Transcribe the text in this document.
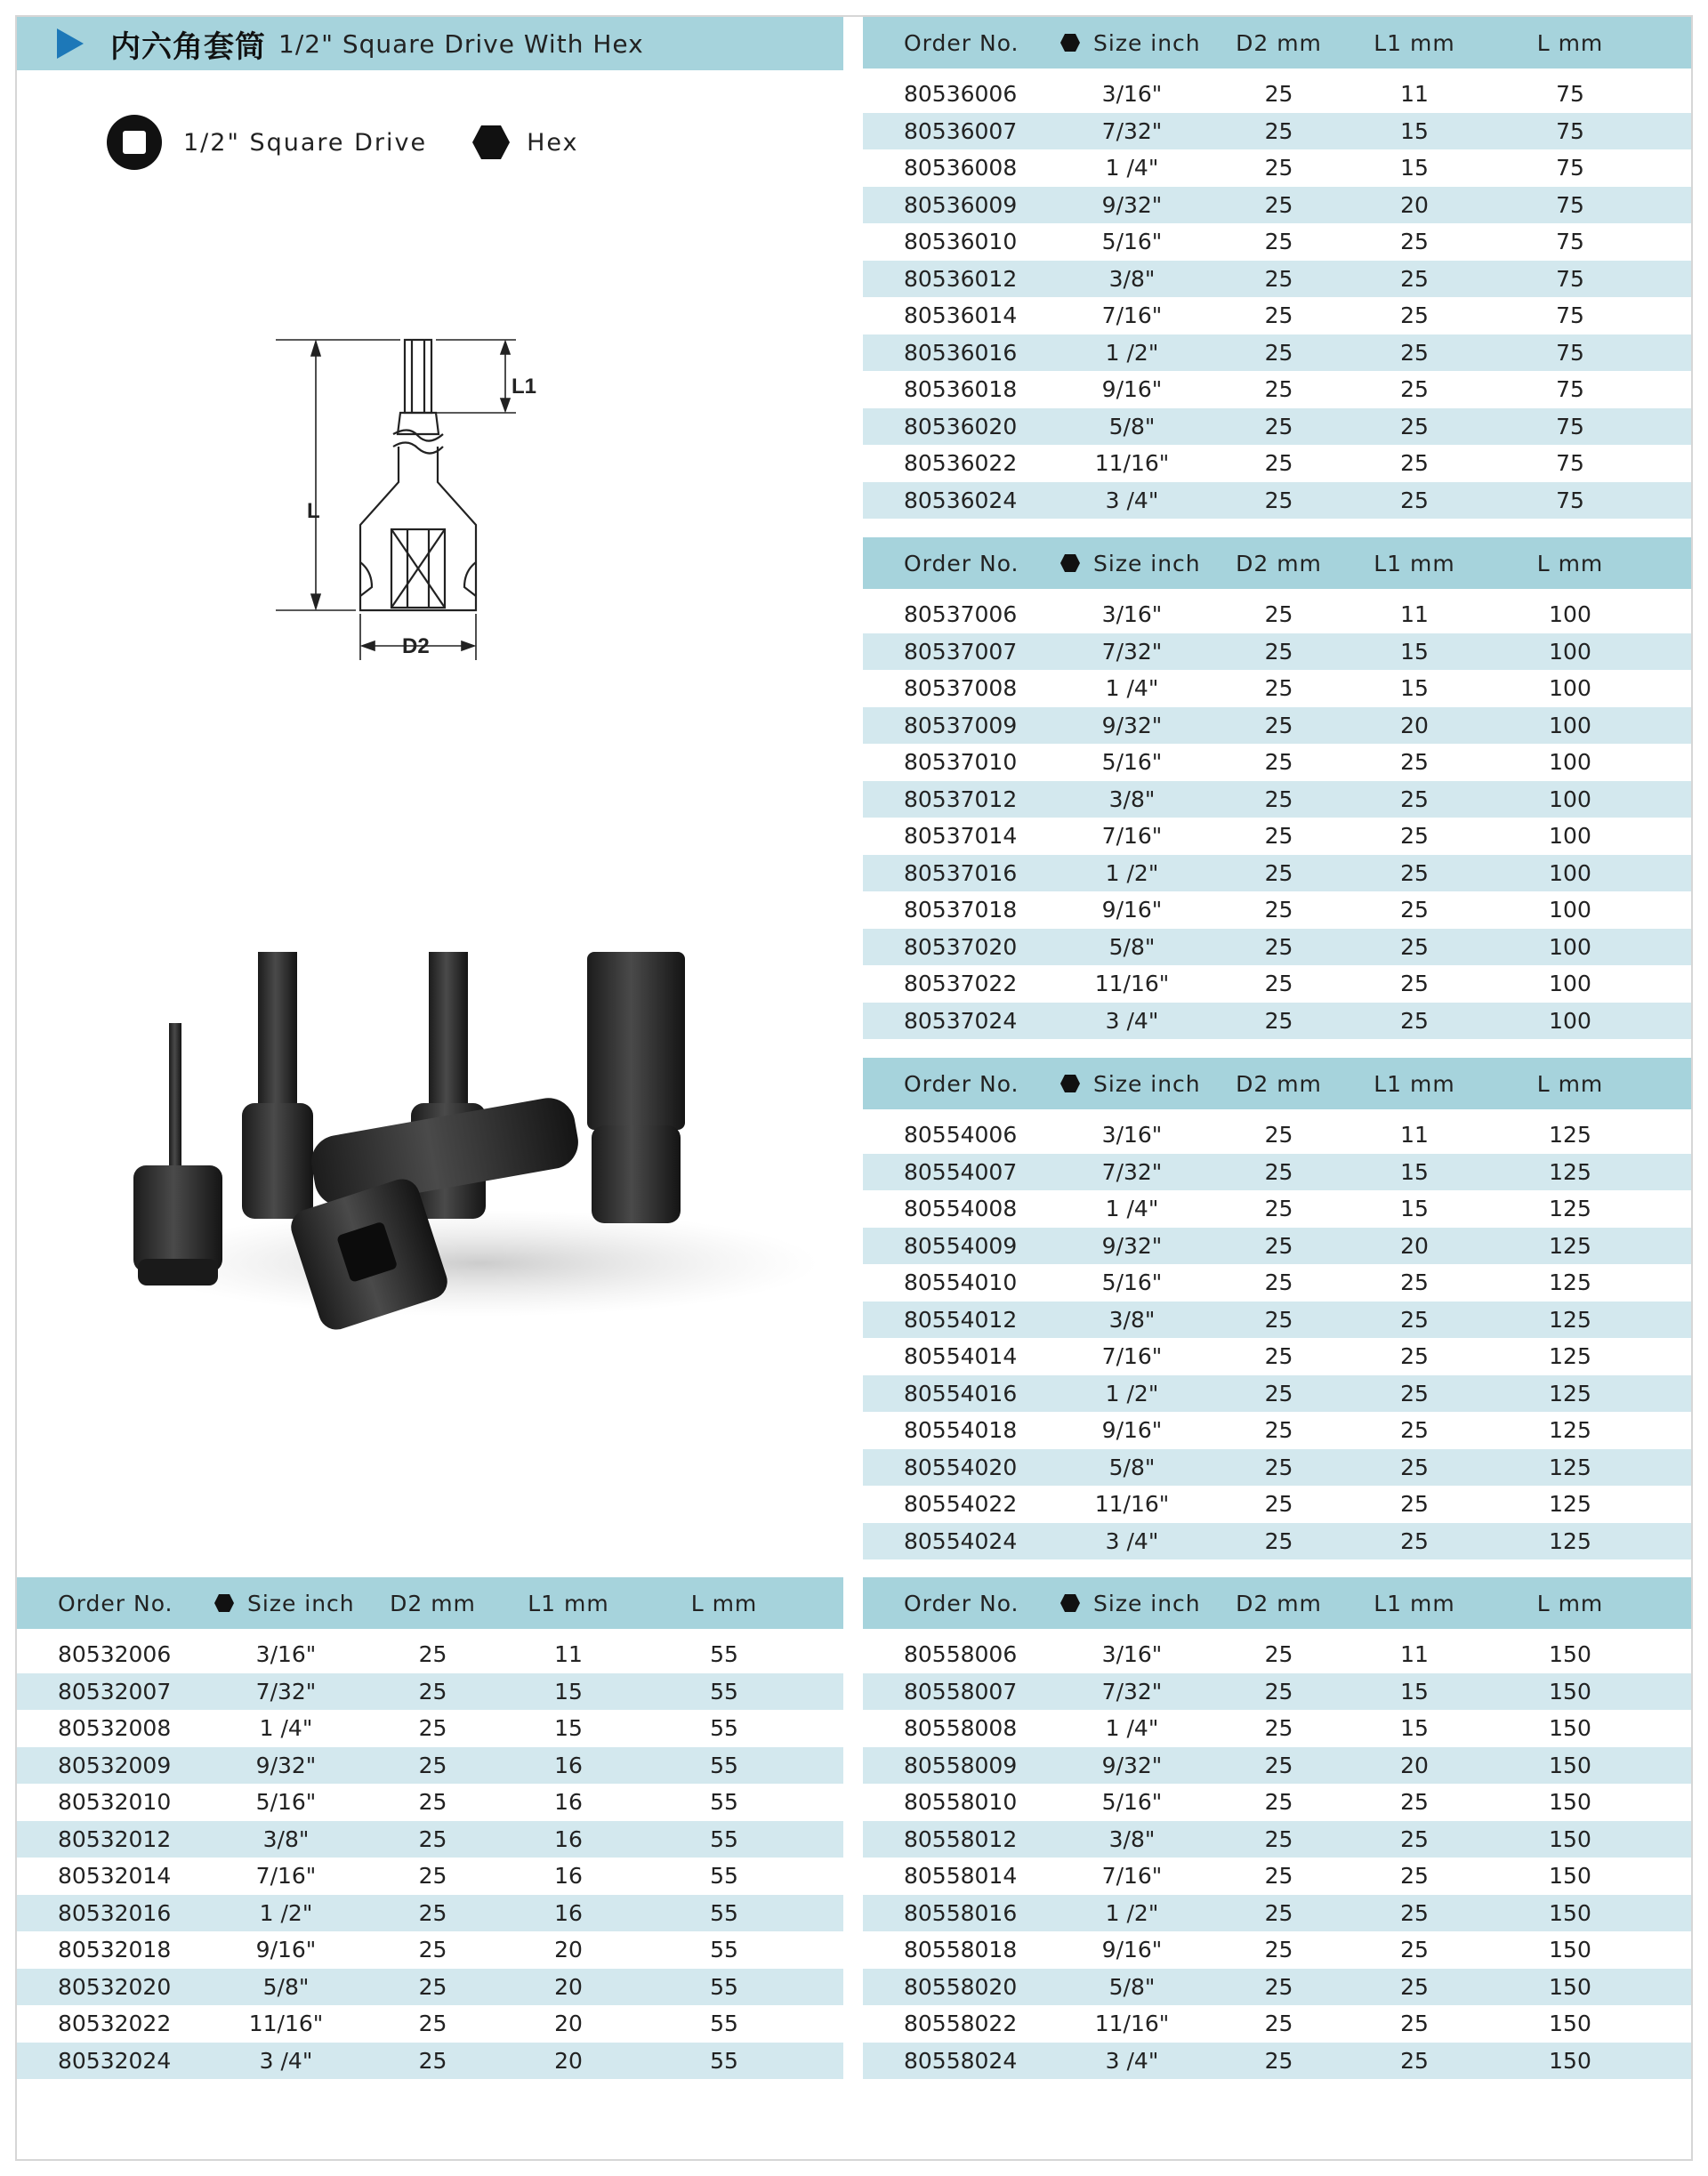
内六角套筒 1/2" Square Drive With Hex
1/2" Square Drive	Hex
L1
L
D2
Order No.	Size inch	D2 mm	L1 mm	L mm
80536006	3/16"	25	11	75
80536007	7/32"	25	15	75
80536008	1 /4"	25	15	75
80536009	9/32"	25	20	75
80536010	5/16"	25	25	75
80536012	3/8"	25	25	75
80536014	7/16"	25	25	75
80536016	1 /2"	25	25	75
80536018	9/16"	25	25	75
80536020	5/8"	25	25	75
80536022	11/16"	25	25	75
80536024	3 /4"	25	25	75
Order No.	Size inch	D2 mm	L1 mm	L mm
80537006	3/16"	25	11	100
80537007	7/32"	25	15	100
80537008	1 /4"	25	15	100
80537009	9/32"	25	20	100
80537010	5/16"	25	25	100
80537012	3/8"	25	25	100
80537014	7/16"	25	25	100
80537016	1 /2"	25	25	100
80537018	9/16"	25	25	100
80537020	5/8"	25	25	100
80537022	11/16"	25	25	100
80537024	3 /4"	25	25	100
Order No.	Size inch	D2 mm	L1 mm	L mm
80554006	3/16"	25	11	125
80554007	7/32"	25	15	125
80554008	1 /4"	25	15	125
80554009	9/32"	25	20	125
80554010	5/16"	25	25	125
80554012	3/8"	25	25	125
80554014	7/16"	25	25	125
80554016	1 /2"	25	25	125
80554018	9/16"	25	25	125
80554020	5/8"	25	25	125
80554022	11/16"	25	25	125
80554024	3 /4"	25	25	125
Order No.	Size inch	D2 mm	L1 mm	L mm
80532006	3/16"	25	11	55
80532007	7/32"	25	15	55
80532008	1 /4"	25	15	55
80532009	9/32"	25	16	55
80532010	5/16"	25	16	55
80532012	3/8"	25	16	55
80532014	7/16"	25	16	55
80532016	1 /2"	25	16	55
80532018	9/16"	25	20	55
80532020	5/8"	25	20	55
80532022	11/16"	25	20	55
80532024	3 /4"	25	20	55
Order No.	Size inch	D2 mm	L1 mm	L mm
80558006	3/16"	25	11	150
80558007	7/32"	25	15	150
80558008	1 /4"	25	15	150
80558009	9/32"	25	20	150
80558010	5/16"	25	25	150
80558012	3/8"	25	25	150
80558014	7/16"	25	25	150
80558016	1 /2"	25	25	150
80558018	9/16"	25	25	150
80558020	5/8"	25	25	150
80558022	11/16"	25	25	150
80558024	3 /4"	25	25	150
